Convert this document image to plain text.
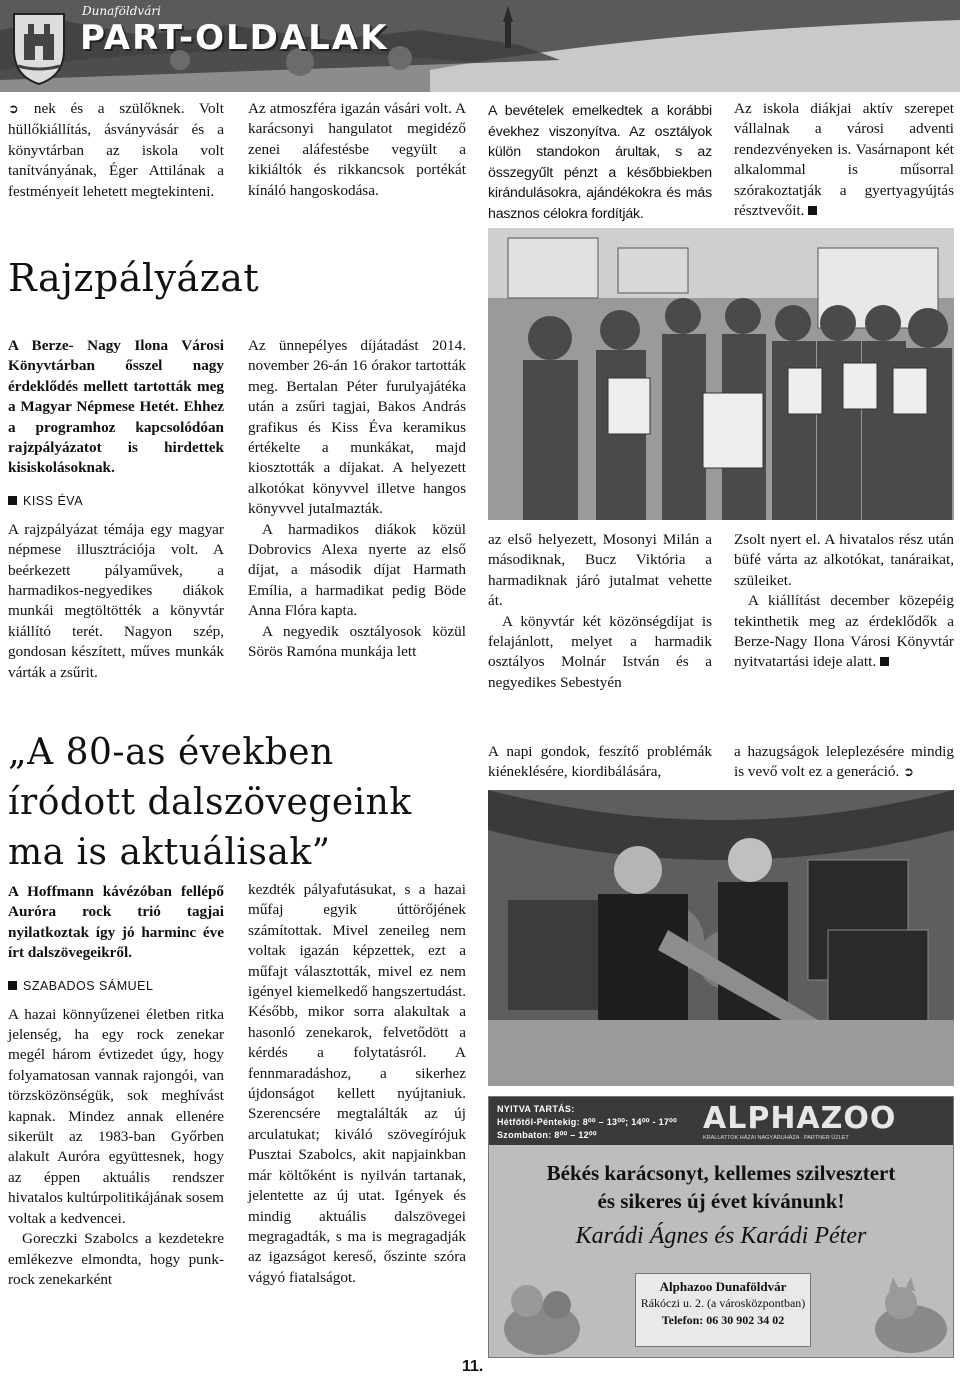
Dunaföldvári
PART-OLDALAK
➲ nek és a szülőknek. Volt hüllőkiállítás, ásványvásár és a könyvtárban az iskola volt tanítványának, Éger Attilának a festményeit lehetett megtekinteni.
Az atmoszféra igazán vásári volt. A karácsonyi hangulatot megidéző zenei aláfestésbe vegyült a kikiáltók és rikkancsok portékát kínáló hangoskodása.
A bevételek emelkedtek a korábbi évekhez viszonyítva. Az osztályok külön standokon árultak, s az összegyűlt pénzt a későbbiekben kirándulásokra, ajándékokra és más hasznos célokra fordítják.
Az iskola diákjai aktív szerepet vállalnak a városi adventi rendezvényeken is. Vasárnapont két alkalommal is műsorral szórakoztatják a gyertyagyújtás résztvevőit.
Rajzpályázat
A Berze- Nagy Ilona Városi Könyvtárban ősszel nagy érdeklődés mellett tartották meg a Magyar Népmese Hetét. Ehhez a programhoz kapcsolódóan rajzpályázatot is hirdettek kisiskolásoknak.
KISS ÉVA
A rajzpályázat témája egy magyar népmese illusztrációja volt. A beérkezett pályaművek, a harmadikos-negyedikes diákok munkái megtöltötték a könyvtár kiállító terét. Nagyon szép, gondosan készített, műves munkák várták a zsűrit.

Az ünnepélyes díjátadást 2014. november 26-án 16 órakor tartották meg. Bertalan Péter furulyajátéka után a zsűri tagjai, Bakos András grafikus és Kiss Éva keramikus értékelte a munkákat, majd kiosztották a díjakat. A helyezett alkotókat könyvvel illetve hangos könyvvel jutalmazták.

A harmadikos diákok közül Dobrovics Alexa nyerte az első díjat, a második díjat Harmath Emília, a harmadikat pedig Böde Anna Flóra kapta.

A negyedik osztályosok közül Sörös Ramóna munkája lett

az első helyezett, Mosonyi Milán a másodiknak, Bucz Viktória a harmadiknak járó jutalmat vehette át.

A könyvtár két közönségdíjat is felajánlott, melyet a harmadik osztályos Molnár István és a negyedikes Sebestyén

Zsolt nyert el. A hivatalos rész után büfé várta az alkotókat, tanáraikat, szüleiket.

A kiállítást december közepéig tekinthetik meg az érdeklődők a Berze-Nagy Ilona Városi Könyvtár nyitvatartási ideje alatt.

„A 80-as években íródott dalszövegeink ma is aktuálisak”
A napi gondok, feszítő problémák kiéneklésére, kiordibálására,
a hazugságok leleplezésére mindig is vevő volt ez a generáció. ➲
A Hoffmann kávézóban fellépő Auróra rock trió tagjai nyilatkoztak így jó harminc éve írt dalszövegeikről.
SZABADOS SÁMUEL

A hazai könnyűzenei életben ritka jelenség, ha egy rock zenekar megél három évtizedet úgy, hogy folyamatosan vannak rajongói, van törzsközönségük, sok meghívást kapnak. Mindez annak ellenére sikerült az 1983-ban Győrben alakult Auróra együttesnek, hogy az éppen aktuális rendszer hivatalos kultúrpolitikájának sosem voltak a kedvencei.

Goreczki Szabolcs a kezdetekre emlékezve elmondta, hogy punk-rock zenekarként

kezdték pályafutásukat, s a hazai műfaj egyik úttörőjének számítottak. Mivel zeneileg nem voltak igazán képzettek, ezt a műfajt választották, mivel ez nem igényel kiemelkedő hangszertudást. Később, mikor sorra alakultak a hasonló zenekarok, felvetődött a kérdés a folytatásról. A fennmaradáshoz, a sikerhez újdonságot kellett nyújtaniuk. Szerencsére megtalálták az új arculatukat; kiváló szövegírójuk Pusztai Szabolcs, akit napjainkban már költőként is nyilván tartanak, jelentette az új utat. Igények és mindig aktuális dalszövegei megragadták, s ma is megragadják az igazságot kereső, őszinte szóra vágyó fiatalságot.
NYITVA TARTÁS:
Hétfőtől-Péntekig: 8⁰⁰ – 13⁰⁰; 14⁰⁰ - 17⁰⁰
Szombaton: 8⁰⁰ – 12⁰⁰	ALPHAZOO
KRALLATTOK HÁZAI NAGYÁRUHÁZA · PARTNER ÜZLET
Békés karácsonyt, kellemes szilvesztert
és sikeres új évet kívánunk!
Karádi Ágnes és Karádi Péter
Alphazoo Dunaföldvár
Rákóczi u. 2. (a városközpontban)
Telefon: 06 30 902 34 02
11.
